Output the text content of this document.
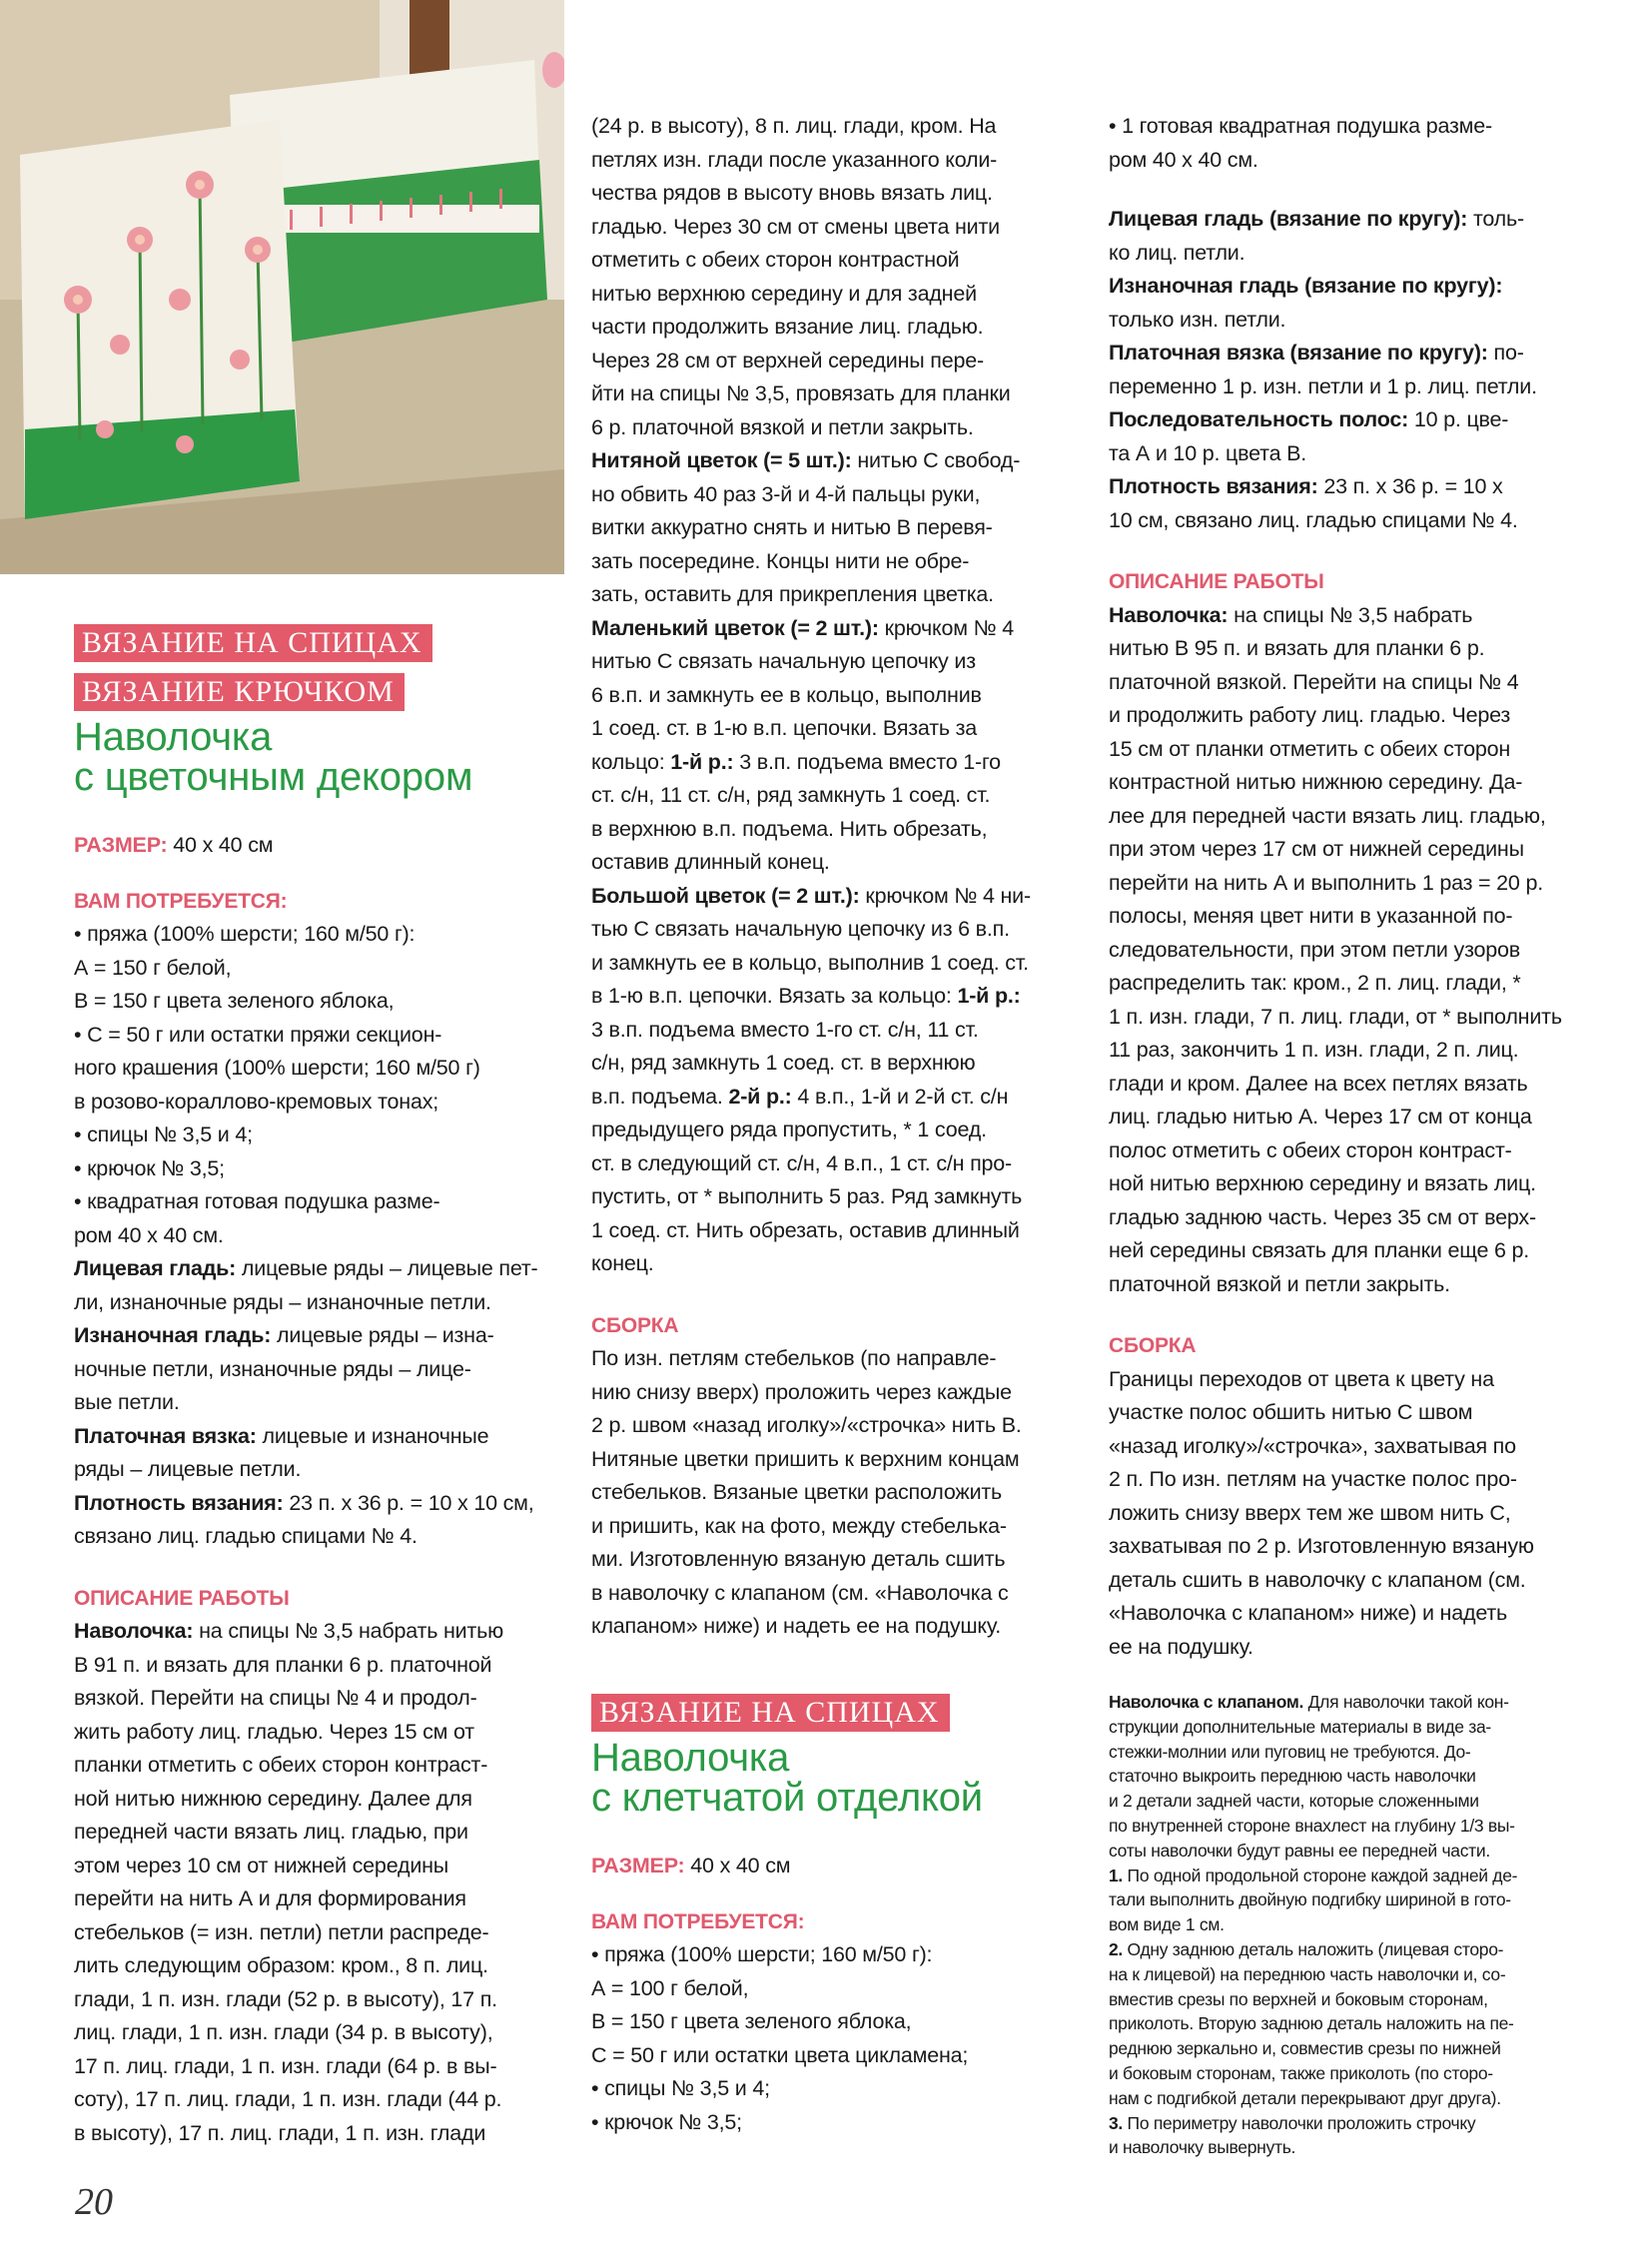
ВЯЗАНИЕ НА СПИЦАХ
ВЯЗАНИЕ КРЮЧКОМ
Наволочка
с цветочным декором

РАЗМЕР: 40 х 40 см

ВАМ ПОТРЕБУЕТСЯ:

• пряжа (100% шерсти; 160 м/50 г):

А = 150 г белой,

В = 150 г цвета зеленого яблока,

• С = 50 г или остатки пряжи секцион-

ного крашения (100% шерсти; 160 м/50 г)

в розово-кораллово-кремовых тонах;

• спицы № 3,5 и 4;

• крючок № 3,5;

• квадратная готовая подушка разме-

ром 40 х 40 см.

Лицевая гладь: лицевые ряды – лицевые пет-

ли, изнаночные ряды – изнаночные петли.

Изнаночная гладь: лицевые ряды – изна-

ночные петли, изнаночные ряды – лице-

вые петли.

Платочная вязка: лицевые и изнаночные

ряды – лицевые петли.

Плотность вязания: 23 п. х 36 р. = 10 х 10 см,

связано лиц. гладью спицами № 4.

ОПИСАНИЕ РАБОТЫ

Наволочка: на спицы № 3,5 набрать нитью

В 91 п. и вязать для планки 6 р. платочной

вязкой. Перейти на спицы № 4 и продол-

жить работу лиц. гладью. Через 15 см от

планки отметить с обеих сторон контраст-

ной нитью нижнюю середину. Далее для

передней части вязать лиц. гладью, при

этом через 10 см от нижней середины

перейти на нить А и для формирования

стебельков (= изн. петли) петли распреде-

лить следующим образом: кром., 8 п. лиц.

глади, 1 п. изн. глади (52 р. в высоту), 17 п.

лиц. глади, 1 п. изн. глади (34 р. в высоту),

17 п. лиц. глади, 1 п. изн. глади (64 р. в вы-

соту), 17 п. лиц. глади, 1 п. изн. глади (44 р.

в высоту), 17 п. лиц. глади, 1 п. изн. глади

(24 р. в высоту), 8 п. лиц. глади, кром. На

петлях изн. глади после указанного коли-

чества рядов в высоту вновь вязать лиц.

гладью. Через 30 см от смены цвета нити

отметить с обеих сторон контрастной

нитью верхнюю середину и для задней

части продолжить вязание лиц. гладью.

Через 28 см от верхней середины пере-

йти на спицы № 3,5, провязать для планки

6 р. платочной вязкой и петли закрыть.

Нитяной цветок (= 5 шт.): нитью С свобод-

но обвить 40 раз 3-й и 4-й пальцы руки,

витки аккуратно снять и нитью В перевя-

зать посередине. Концы нити не обре-

зать, оставить для прикрепления цветка.

Маленький цветок (= 2 шт.): крючком № 4

нитью С связать начальную цепочку из

6 в.п. и замкнуть ее в кольцо, выполнив

1 соед. ст. в 1-ю в.п. цепочки. Вязать за

кольцо: 1-й р.: 3 в.п. подъема вместо 1-го

ст. с/н, 11 ст. с/н, ряд замкнуть 1 соед. ст.

в верхнюю в.п. подъема. Нить обрезать,

оставив длинный конец.

Большой цветок (= 2 шт.): крючком № 4 ни-

тью С связать начальную цепочку из 6 в.п.

и замкнуть ее в кольцо, выполнив 1 соед. ст.

в 1-ю в.п. цепочки. Вязать за кольцо: 1-й р.:

3 в.п. подъема вместо 1-го ст. с/н, 11 ст.

с/н, ряд замкнуть 1 соед. ст. в верхнюю

в.п. подъема. 2-й р.: 4 в.п., 1-й и 2-й ст. с/н

предыдущего ряда пропустить, * 1 соед.

ст. в следующий ст. с/н, 4 в.п., 1 ст. с/н про-

пустить, от * выполнить 5 раз. Ряд замкнуть

1 соед. ст. Нить обрезать, оставив длинный

конец.

СБОРКА

По изн. петлям стебельков (по направле-

нию снизу вверх) проложить через каждые

2 р. швом «назад иголку»/«строчка» нить В.

Нитяные цветки пришить к верхним концам

стебельков. Вязаные цветки расположить

и пришить, как на фото, между стебелька-

ми. Изготовленную вязаную деталь сшить

в наволочку с клапаном (см. «Наволочка с

клапаном» ниже) и надеть ее на подушку.

ВЯЗАНИЕ НА СПИЦАХ
Наволочка
с клетчатой отделкой

РАЗМЕР: 40 х 40 см

ВАМ ПОТРЕБУЕТСЯ:

• пряжа (100% шерсти; 160 м/50 г):

А = 100 г белой,

В = 150 г цвета зеленого яблока,

С = 50 г или остатки цвета цикламена;

• спицы № 3,5 и 4;

• крючок № 3,5;

• 1 готовая квадратная подушка разме-

ром 40 х 40 см.

Лицевая гладь (вязание по кругу): толь-

ко лиц. петли.

Изнаночная гладь (вязание по кругу):

только изн. петли.

Платочная вязка (вязание по кругу): по-

переменно 1 р. изн. петли и 1 р. лиц. петли.

Последовательность полос: 10 р. цве-

та А и 10 р. цвета В.

Плотность вязания: 23 п. х 36 р. = 10 х

10 см, связано лиц. гладью спицами № 4.

ОПИСАНИЕ РАБОТЫ

Наволочка: на спицы № 3,5 набрать

нитью В 95 п. и вязать для планки 6 р.

платочной вязкой. Перейти на спицы № 4

и продолжить работу лиц. гладью. Через

15 см от планки отметить с обеих сторон

контрастной нитью нижнюю середину. Да-

лее для передней части вязать лиц. гладью,

при этом через 17 см от нижней середины

перейти на нить А и выполнить 1 раз = 20 р.

полосы, меняя цвет нити в указанной по-

следовательности, при этом петли узоров

распределить так: кром., 2 п. лиц. глади, *

1 п. изн. глади, 7 п. лиц. глади, от * выполнить

11 раз, закончить 1 п. изн. глади, 2 п. лиц.

глади и кром. Далее на всех петлях вязать

лиц. гладью нитью А. Через 17 см от конца

полос отметить с обеих сторон контраст-

ной нитью верхнюю середину и вязать лиц.

гладью заднюю часть. Через 35 см от верх-

ней середины связать для планки еще 6 р.

платочной вязкой и петли закрыть.

СБОРКА

Границы переходов от цвета к цвету на

участке полос обшить нитью С швом

«назад иголку»/«строчка», захватывая по

2 п. По изн. петлям на участке полос про-

ложить снизу вверх тем же швом нить С,

захватывая по 2 р. Изготовленную вязаную

деталь сшить в наволочку с клапаном (см.

«Наволочка с клапаном» ниже) и надеть

ее на подушку.

Наволочка с клапаном. Для наволочки такой кон-

струкции дополнительные материалы в виде за-

стежки-молнии или пуговиц не требуются. До-

статочно выкроить переднюю часть наволочки

и 2 детали задней части, которые сложенными

по внутренней стороне внахлест на глубину 1/3 вы-

соты наволочки будут равны ее передней части.

1. По одной продольной стороне каждой задней де-

тали выполнить двойную подгибку шириной в гото-

вом виде 1 см.

2. Одну заднюю деталь наложить (лицевая сторо-

на к лицевой) на переднюю часть наволочки и, со-

вместив срезы по верхней и боковым сторонам,

приколоть. Вторую заднюю деталь наложить на пе-

реднюю зеркально и, совместив срезы по нижней

и боковым сторонам, также приколоть (по сторо-

нам с подгибкой детали перекрывают друг друга).

3. По периметру наволочки проложить строчку

и наволочку вывернуть.

20
